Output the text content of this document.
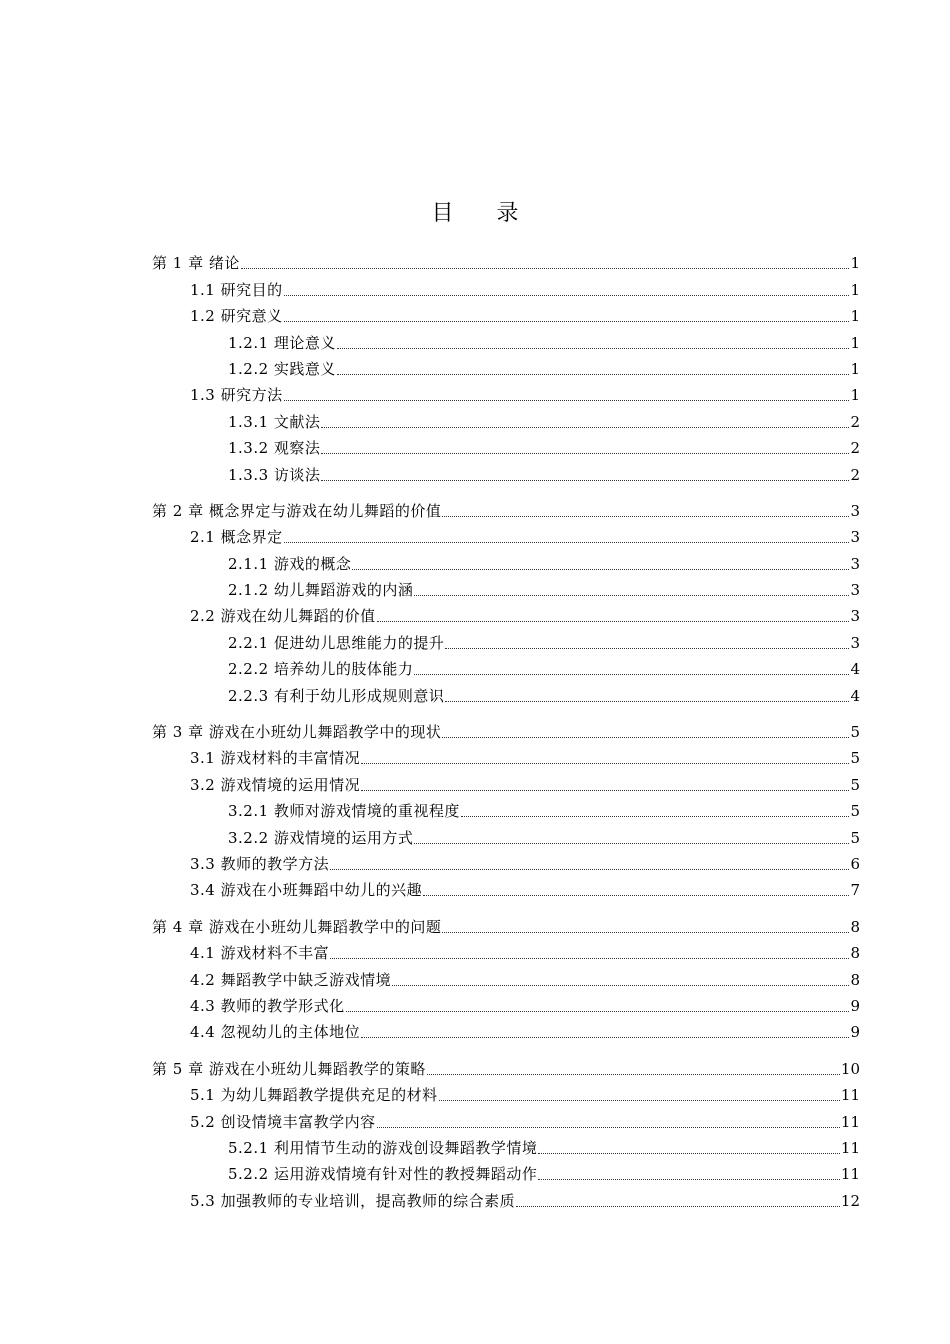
目 录
第 1 章 绪论	1
1.1 研究目的	1
1.2 研究意义	1
1.2.1 理论意义	1
1.2.2 实践意义	1
1.3 研究方法	1
1.3.1 文献法	2
1.3.2 观察法	2
1.3.3 访谈法	2
第 2 章 概念界定与游戏在幼儿舞蹈的价值	3
2.1 概念界定	3
2.1.1 游戏的概念	3
2.1.2 幼儿舞蹈游戏的内涵	3
2.2 游戏在幼儿舞蹈的价值	3
2.2.1 促进幼儿思维能力的提升	3
2.2.2 培养幼儿的肢体能力	4
2.2.3 有利于幼儿形成规则意识	4
第 3 章 游戏在小班幼儿舞蹈教学中的现状	5
3.1 游戏材料的丰富情况	5
3.2 游戏情境的运用情况	5
3.2.1 教师对游戏情境的重视程度	5
3.2.2 游戏情境的运用方式	5
3.3 教师的教学方法	6
3.4 游戏在小班舞蹈中幼儿的兴趣	7
第 4 章 游戏在小班幼儿舞蹈教学中的问题	8
4.1 游戏材料不丰富	8
4.2 舞蹈教学中缺乏游戏情境	8
4.3 教师的教学形式化	9
4.4 忽视幼儿的主体地位	9
第 5 章 游戏在小班幼儿舞蹈教学的策略	10
5.1 为幼儿舞蹈教学提供充足的材料	11
5.2 创设情境丰富教学内容	11
5.2.1 利用情节生动的游戏创设舞蹈教学情境	11
5.2.2 运用游戏情境有针对性的教授舞蹈动作	11
5.3 加强教师的专业培训，提高教师的综合素质	12
